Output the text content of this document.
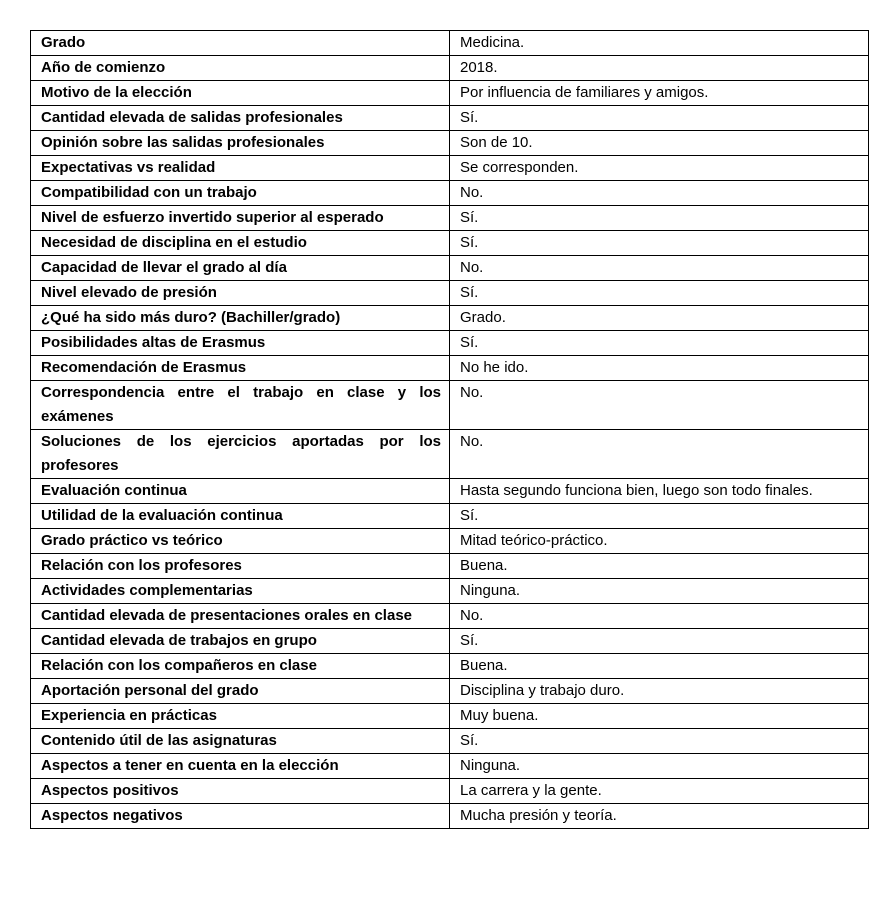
Grado	Medicina.
Año de comienzo	2018.
Motivo de la elección	Por influencia de familiares y amigos.
Cantidad elevada de salidas profesionales	Sí.
Opinión sobre las salidas profesionales	Son de 10.
Expectativas vs realidad	Se corresponden.
Compatibilidad con un trabajo	No.
Nivel de esfuerzo invertido superior al esperado	Sí.
Necesidad de disciplina en el estudio	Sí.
Capacidad de llevar el grado al día	No.
Nivel elevado de presión	Sí.
¿Qué ha sido más duro? (Bachiller/grado)	Grado.
Posibilidades altas de Erasmus	Sí.
Recomendación de Erasmus	No he ido.
Correspondencia entre el trabajo en clase y los exámenes	No.
Soluciones de los ejercicios aportadas por los profesores	No.
Evaluación continua	Hasta segundo funciona bien, luego son todo finales.
Utilidad de la evaluación continua	Sí.
Grado práctico vs teórico	Mitad teórico-práctico.
Relación con los profesores	Buena.
Actividades complementarias	Ninguna.
Cantidad elevada de presentaciones orales en clase	No.
Cantidad elevada de trabajos en grupo	Sí.
Relación con los compañeros en clase	Buena.
Aportación personal del grado	Disciplina y trabajo duro.
Experiencia en prácticas	Muy buena.
Contenido útil de las asignaturas	Sí.
Aspectos a tener en cuenta en la elección	Ninguna.
Aspectos positivos	La carrera y la gente.
Aspectos negativos	Mucha presión y teoría.
